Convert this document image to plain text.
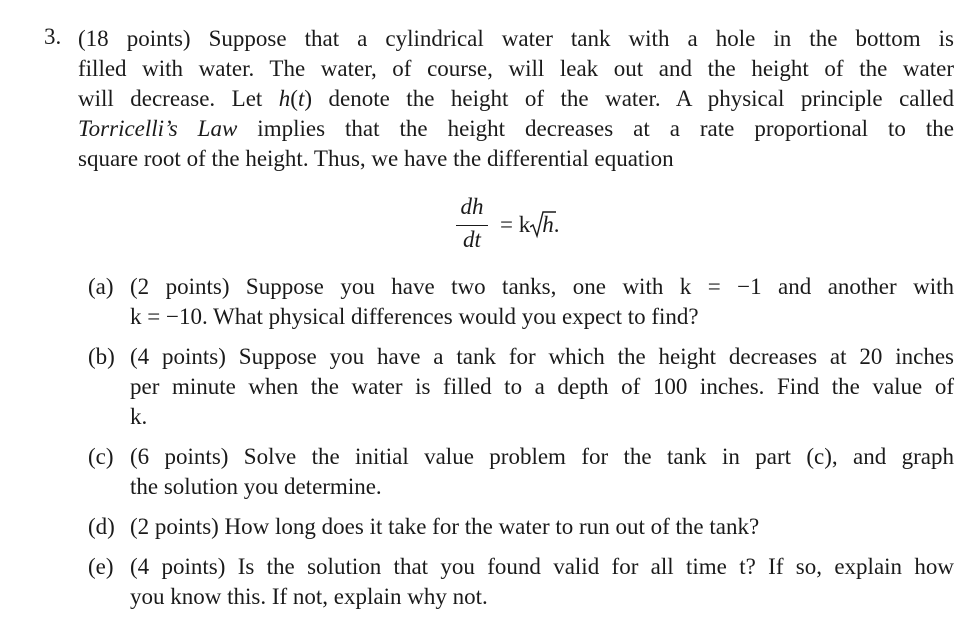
3. (18 points) Suppose that a cylindrical water tank with a hole in the bottom is
filled with water. The water, of course, will leak out and the height of the water
will decrease. Let h(t) denote the height of the water. A physical principle called
Torricelli’s Law implies that the height decreases at a rate proportional to the
square root of the height. Thus, we have the differential equation
dh
dt
= k h.
(a) (2 points) Suppose you have two tanks, one with k = −1 and another with
k = −10. What physical differences would you expect to find?
(b) (4 points) Suppose you have a tank for which the height decreases at 20 inches
per minute when the water is filled to a depth of 100 inches. Find the value of
k.
(c) (6 points) Solve the initial value problem for the tank in part (c), and graph
the solution you determine.
(d) (2 points) How long does it take for the water to run out of the tank?
(e) (4 points) Is the solution that you found valid for all time t? If so, explain how
you know this. If not, explain why not.
